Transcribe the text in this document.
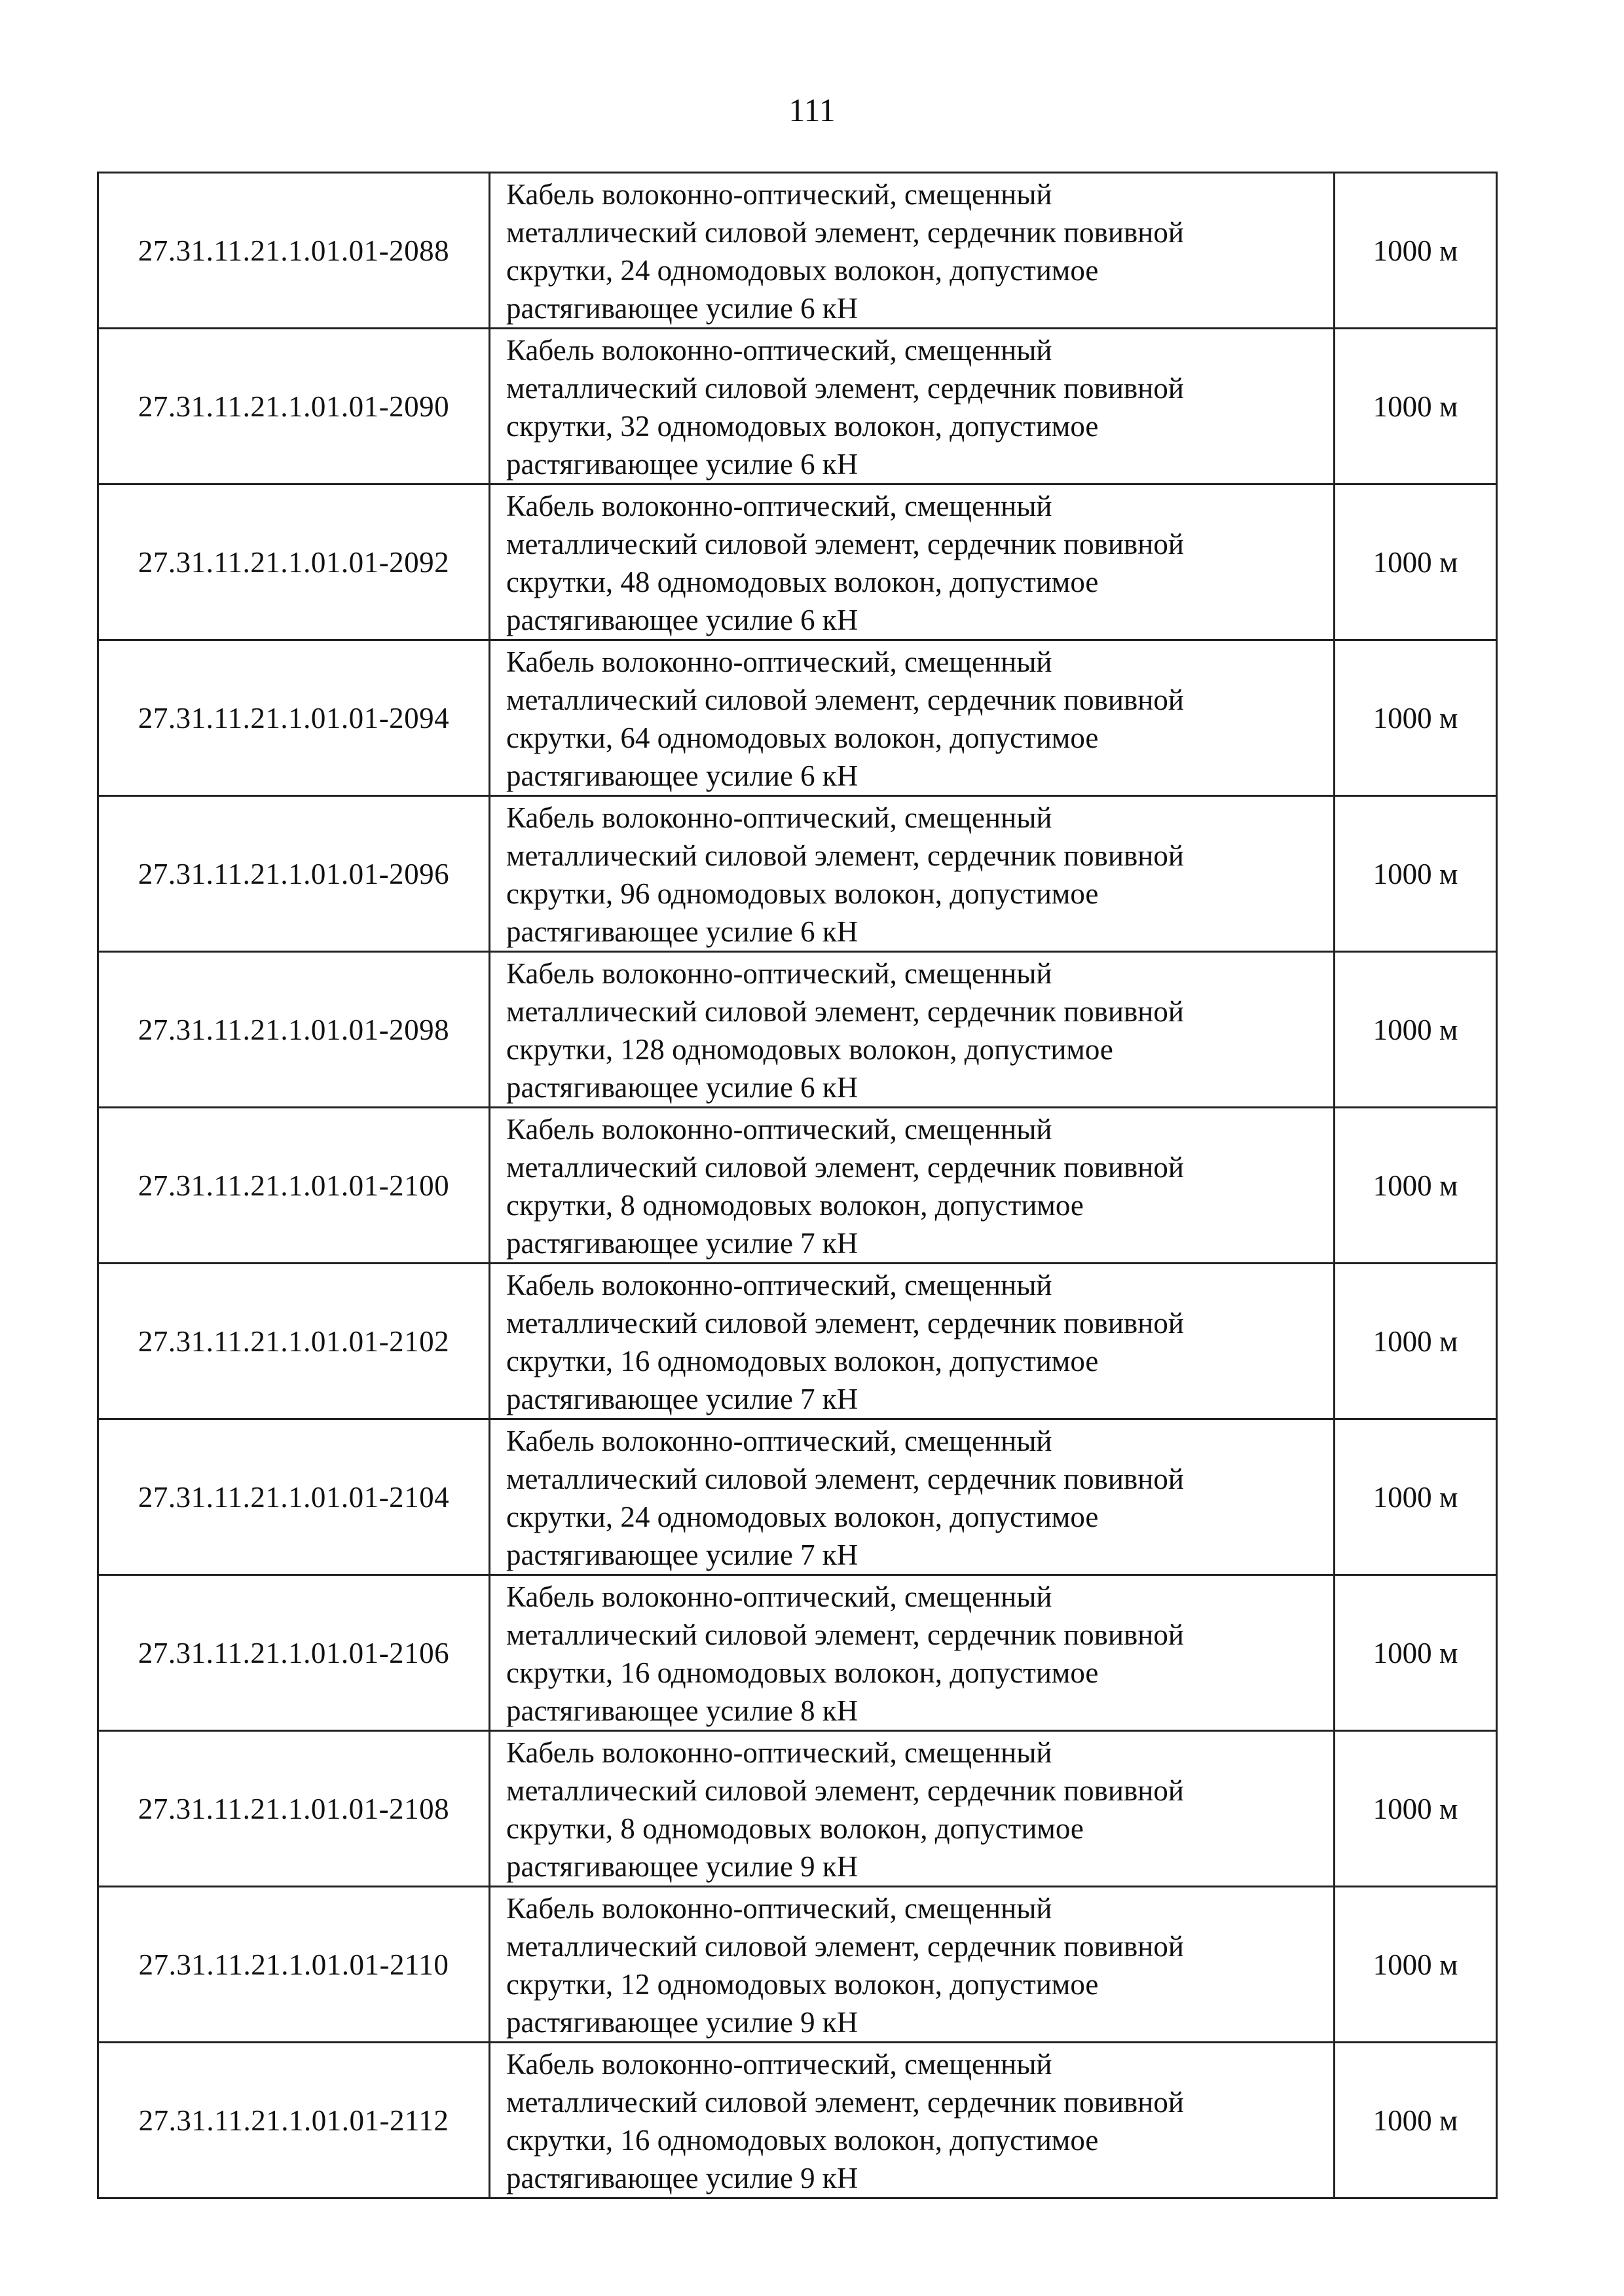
111
27.31.11.21.1.01.01-2088	Кабель волоконно-оптический, смещенный
металлический силовой элемент, сердечник повивной
скрутки, 24 одномодовых волокон, допустимое
растягивающее усилие 6 кН	1000 м
27.31.11.21.1.01.01-2090	Кабель волоконно-оптический, смещенный
металлический силовой элемент, сердечник повивной
скрутки, 32 одномодовых волокон, допустимое
растягивающее усилие 6 кН	1000 м
27.31.11.21.1.01.01-2092	Кабель волоконно-оптический, смещенный
металлический силовой элемент, сердечник повивной
скрутки, 48 одномодовых волокон, допустимое
растягивающее усилие 6 кН	1000 м
27.31.11.21.1.01.01-2094	Кабель волоконно-оптический, смещенный
металлический силовой элемент, сердечник повивной
скрутки, 64 одномодовых волокон, допустимое
растягивающее усилие 6 кН	1000 м
27.31.11.21.1.01.01-2096	Кабель волоконно-оптический, смещенный
металлический силовой элемент, сердечник повивной
скрутки, 96 одномодовых волокон, допустимое
растягивающее усилие 6 кН	1000 м
27.31.11.21.1.01.01-2098	Кабель волоконно-оптический, смещенный
металлический силовой элемент, сердечник повивной
скрутки, 128 одномодовых волокон, допустимое
растягивающее усилие 6 кН	1000 м
27.31.11.21.1.01.01-2100	Кабель волоконно-оптический, смещенный
металлический силовой элемент, сердечник повивной
скрутки, 8 одномодовых волокон, допустимое
растягивающее усилие 7 кН	1000 м
27.31.11.21.1.01.01-2102	Кабель волоконно-оптический, смещенный
металлический силовой элемент, сердечник повивной
скрутки, 16 одномодовых волокон, допустимое
растягивающее усилие 7 кН	1000 м
27.31.11.21.1.01.01-2104	Кабель волоконно-оптический, смещенный
металлический силовой элемент, сердечник повивной
скрутки, 24 одномодовых волокон, допустимое
растягивающее усилие 7 кН	1000 м
27.31.11.21.1.01.01-2106	Кабель волоконно-оптический, смещенный
металлический силовой элемент, сердечник повивной
скрутки, 16 одномодовых волокон, допустимое
растягивающее усилие 8 кН	1000 м
27.31.11.21.1.01.01-2108	Кабель волоконно-оптический, смещенный
металлический силовой элемент, сердечник повивной
скрутки, 8 одномодовых волокон, допустимое
растягивающее усилие 9 кН	1000 м
27.31.11.21.1.01.01-2110	Кабель волоконно-оптический, смещенный
металлический силовой элемент, сердечник повивной
скрутки, 12 одномодовых волокон, допустимое
растягивающее усилие 9 кН	1000 м
27.31.11.21.1.01.01-2112	Кабель волоконно-оптический, смещенный
металлический силовой элемент, сердечник повивной
скрутки, 16 одномодовых волокон, допустимое
растягивающее усилие 9 кН	1000 м
